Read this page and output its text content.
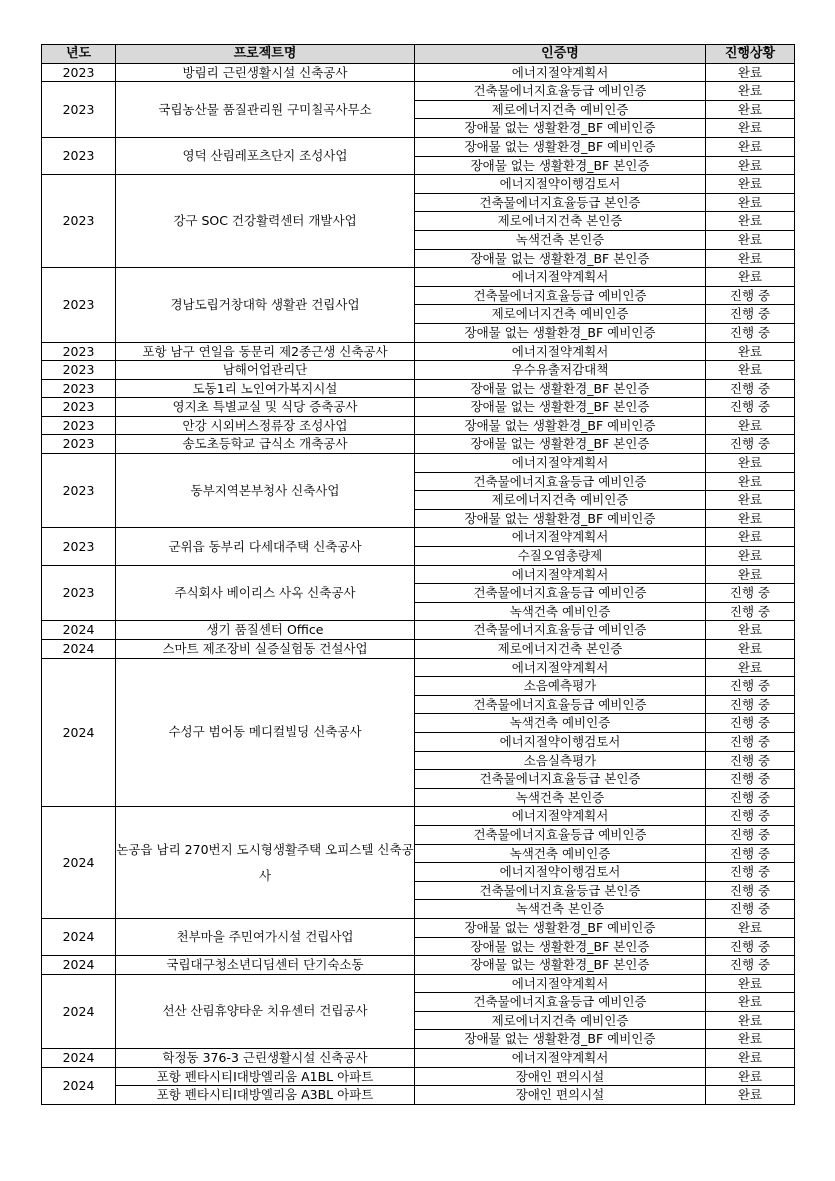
년도	프로젝트명	인증명	진행상황
2023	방림리 근린생활시설 신축공사	에너지절약계획서	완료
2023	국립농산물 품질관리원 구미칠곡사무소	건축물에너지효율등급 예비인증	완료
		제로에너지건축 예비인증	완료
		장애물 없는 생활환경_BF 예비인증	완료
2023	영덕 산림레포츠단지 조성사업	장애물 없는 생활환경_BF 예비인증	완료
		장애물 없는 생활환경_BF 본인증	완료
2023	강구 SOC 건강활력센터 개발사업	에너지절약이행검토서	완료
		건축물에너지효율등급 본인증	완료
		제로에너지건축 본인증	완료
		녹색건축 본인증	완료
		장애물 없는 생활환경_BF 본인증	완료
2023	경남도립거창대학 생활관 건립사업	에너지절약계획서	완료
		건축물에너지효율등급 예비인증	진행 중
		제로에너지건축 예비인증	진행 중
		장애물 없는 생활환경_BF 예비인증	진행 중
2023	포항 남구 연일읍 동문리 제2종근생 신축공사	에너지절약계획서	완료
2023	남해어업관리단	우수유출저감대책	완료
2023	도동1리 노인여가복지시설	장애물 없는 생활환경_BF 본인증	진행 중
2023	영지초 특별교실 및 식당 증축공사	장애물 없는 생활환경_BF 본인증	진행 중
2023	안강 시외버스정류장 조성사업	장애물 없는 생활환경_BF 예비인증	완료
2023	송도초등학교 급식소 개축공사	장애물 없는 생활환경_BF 본인증	진행 중
2023	동부지역본부청사 신축사업	에너지절약계획서	완료
		건축물에너지효율등급 예비인증	완료
		제로에너지건축 예비인증	완료
		장애물 없는 생활환경_BF 예비인증	완료
2023	군위읍 동부리 다세대주택 신축공사	에너지절약계획서	완료
		수질오염총량제	완료
2023	주식회사 베이리스 사옥 신축공사	에너지절약계획서	완료
		건축물에너지효율등급 예비인증	진행 중
		녹색건축 예비인증	진행 중
2024	생기 품질센터 Office	건축물에너지효율등급 예비인증	완료
2024	스마트 제조장비 실증실험동 건설사업	제로에너지건축 본인증	완료
2024	수성구 범어동 메디컬빌딩 신축공사	에너지절약계획서	완료
		소음예측평가	진행 중
		건축물에너지효율등급 예비인증	진행 중
		녹색건축 예비인증	진행 중
		에너지절약이행검토서	진행 중
		소음실측평가	진행 중
		건축물에너지효율등급 본인증	진행 중
		녹색건축 본인증	진행 중
2024	논공읍 남리 270번지 도시형생활주택 오피스텔 신축공사	에너지절약계획서	진행 중
		건축물에너지효율등급 예비인증	진행 중
		녹색건축 예비인증	진행 중
		에너지절약이행검토서	진행 중
		건축물에너지효율등급 본인증	진행 중
		녹색건축 본인증	진행 중
2024	천부마을 주민여가시설 건립사업	장애물 없는 생활환경_BF 예비인증	완료
		장애물 없는 생활환경_BF 본인증	진행 중
2024	국립대구청소년디딤센터 단기숙소동	장애물 없는 생활환경_BF 본인증	진행 중
2024	선산 산림휴양타운 치유센터 건립공사	에너지절약계획서	완료
		건축물에너지효율등급 예비인증	완료
		제로에너지건축 예비인증	완료
		장애물 없는 생활환경_BF 예비인증	완료
2024	학정동 376-3 근린생활시설 신축공사	에너지절약계획서	완료
2024	포항 펜타시티Ⅰ대방엘리움 A1BL 아파트	장애인 편의시설	완료
	포항 펜타시티Ⅰ대방엘리움 A3BL 아파트	장애인 편의시설	완료
